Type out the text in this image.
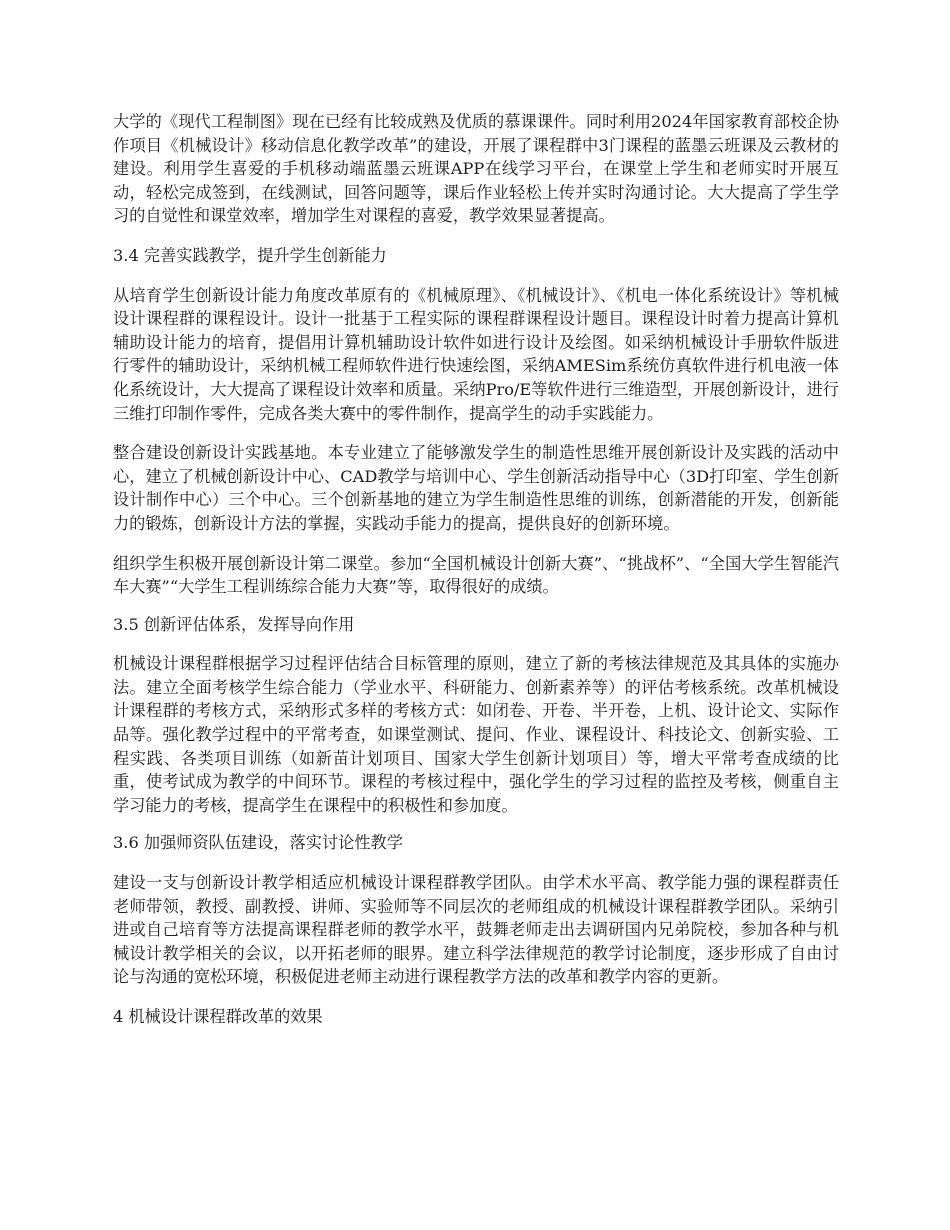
大学的《现代工程制图》现在已经有比较成熟及优质的慕课课件。同时利用2024年国家教育部校企协作项目《机械设计》移动信息化教学改革”的建设，开展了课程群中3门课程的蓝墨云班课及云教材的建设。利用学生喜爱的手机移动端蓝墨云班课APP在线学习平台，在课堂上学生和老师实时开展互动，轻松完成签到，在线测试，回答问题等，课后作业轻松上传并实时沟通讨论。大大提高了学生学习的自觉性和课堂效率，增加学生对课程的喜爱，教学效果显著提高。

3.4 完善实践教学，提升学生创新能力

从培育学生创新设计能力角度改革原有的《机械原理》、《机械设计》、《机电一体化系统设计》等机械设计课程群的课程设计。设计一批基于工程实际的课程群课程设计题目。课程设计时着力提高计算机辅助设计能力的培育，提倡用计算机辅助设计软件如进行设计及绘图。如采纳机械设计手册软件版进行零件的辅助设计，采纳机械工程师软件进行快速绘图，采纳AMESim系统仿真软件进行机电液一体化系统设计，大大提高了课程设计效率和质量。采纳Pro/E等软件进行三维造型，开展创新设计，进行三维打印制作零件，完成各类大赛中的零件制作，提高学生的动手实践能力。

整合建设创新设计实践基地。本专业建立了能够激发学生的制造性思维开展创新设计及实践的活动中心，建立了机械创新设计中心、CAD教学与培训中心、学生创新活动指导中心（3D打印室、学生创新设计制作中心）三个中心。三个创新基地的建立为学生制造性思维的训练，创新潜能的开发，创新能力的锻炼，创新设计方法的掌握，实践动手能力的提高，提供良好的创新环境。

组织学生积极开展创新设计第二课堂。参加“全国机械设计创新大赛”、“挑战杯”、“全国大学生智能汽车大赛”“大学生工程训练综合能力大赛”等，取得很好的成绩。

3.5 创新评估体系，发挥导向作用

机械设计课程群根据学习过程评估结合目标管理的原则，建立了新的考核法律规范及其具体的实施办法。建立全面考核学生综合能力（学业水平、科研能力、创新素养等）的评估考核系统。改革机械设计课程群的考核方式，采纳形式多样的考核方式：如闭卷、开卷、半开卷，上机、设计论文、实际作品等。强化教学过程中的平常考查，如课堂测试、提问、作业、课程设计、科技论文、创新实验、工程实践、各类项目训练（如新苗计划项目、国家大学生创新计划项目）等，增大平常考查成绩的比重，使考试成为教学的中间环节。课程的考核过程中，强化学生的学习过程的监控及考核，侧重自主学习能力的考核，提高学生在课程中的积极性和参加度。

3.6 加强师资队伍建设，落实讨论性教学

建设一支与创新设计教学相适应机械设计课程群教学团队。由学术水平高、教学能力强的课程群责任老师带领，教授、副教授、讲师、实验师等不同层次的老师组成的机械设计课程群教学团队。采纳引进或自己培育等方法提高课程群老师的教学水平，鼓舞老师走出去调研国内兄弟院校，参加各种与机械设计教学相关的会议，以开拓老师的眼界。建立科学法律规范的教学讨论制度，逐步形成了自由讨论与沟通的宽松环境，积极促进老师主动进行课程教学方法的改革和教学内容的更新。

4 机械设计课程群改革的效果
